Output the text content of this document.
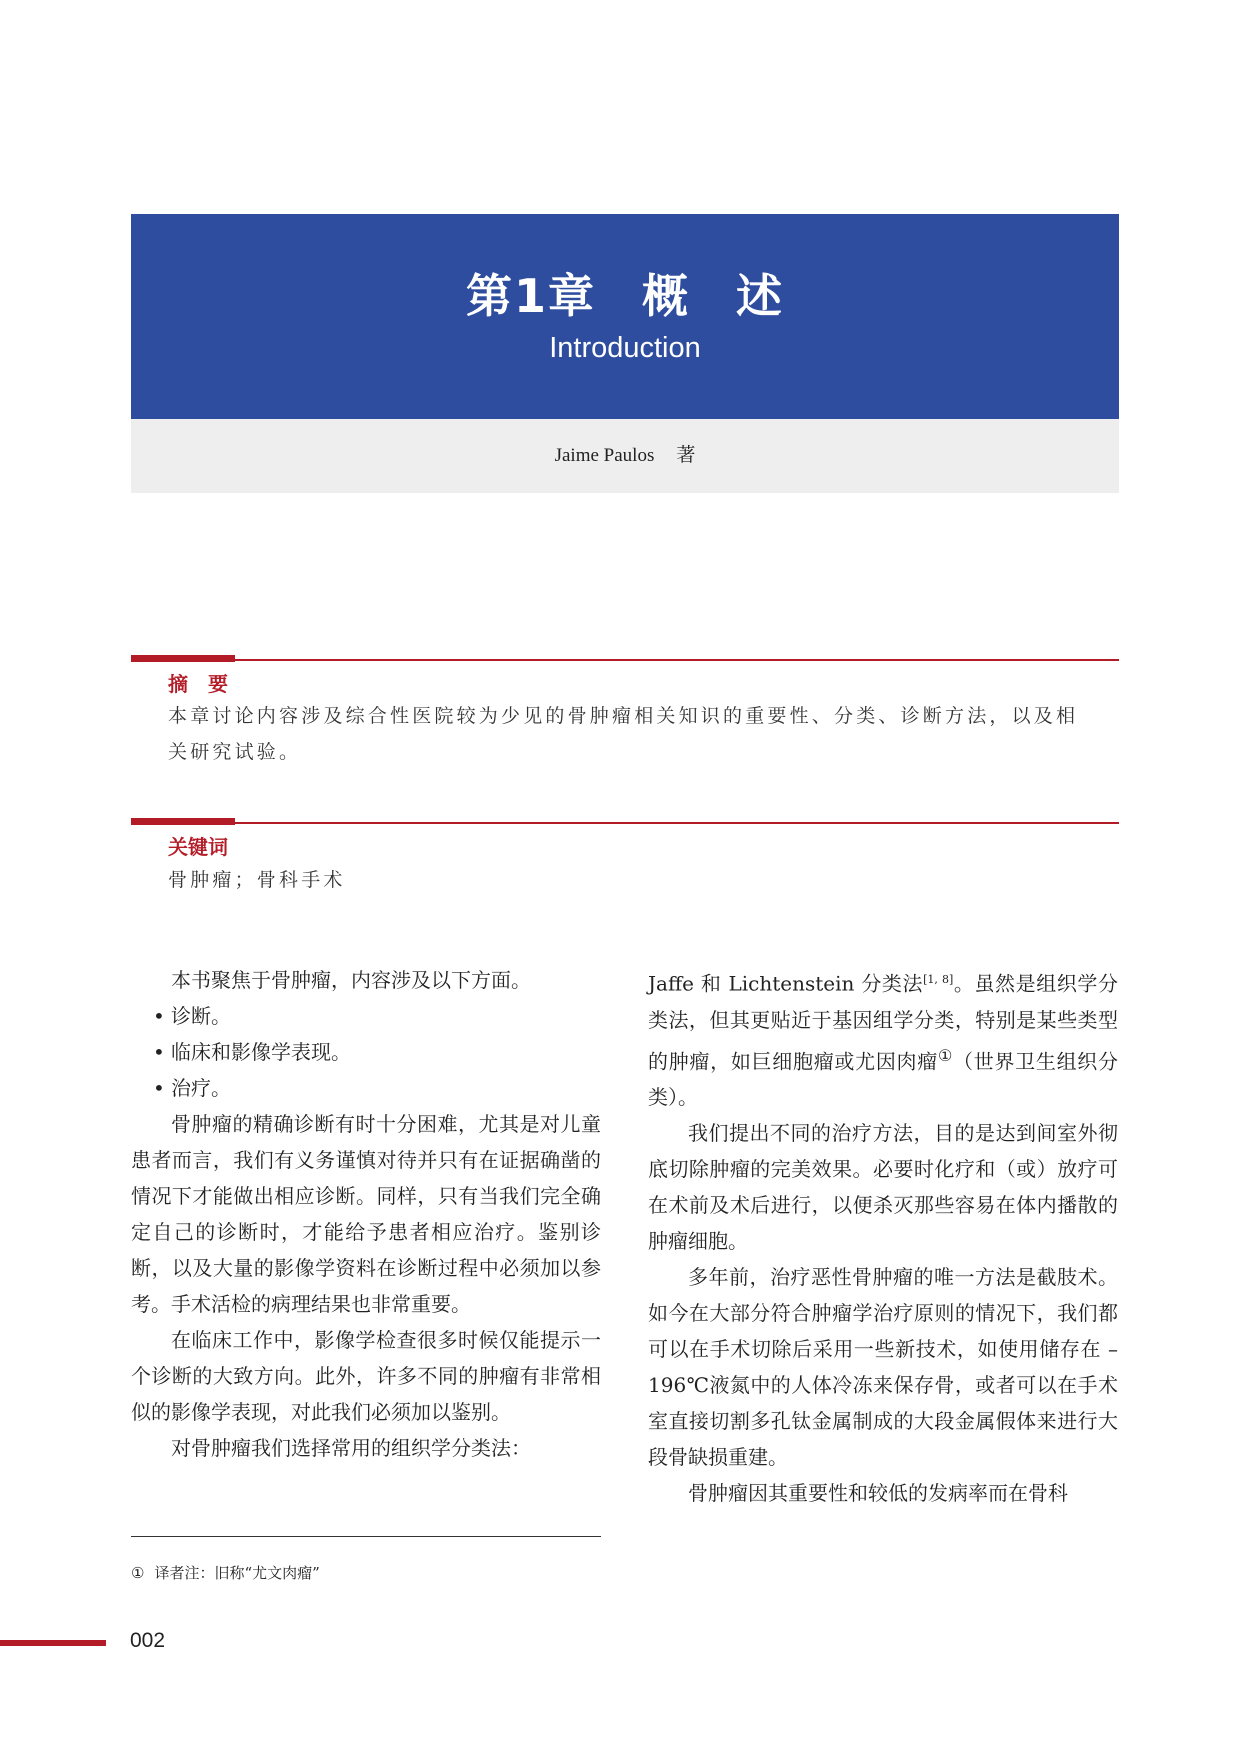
第1章 概 述
Introduction
Jaime Paulos 著
摘　要
本章讨论内容涉及综合性医院较为少见的骨肿瘤相关知识的重要性、分类、诊断方法，以及相关研究试验。
关键词
骨肿瘤；骨科手术

本书聚焦于骨肿瘤，内容涉及以下方面。

• 诊断。

• 临床和影像学表现。

• 治疗。

骨肿瘤的精确诊断有时十分困难，尤其是对儿童患者而言，我们有义务谨慎对待并只有在证据确凿的情况下才能做出相应诊断。同样，只有当我们完全确定自己的诊断时，才能给予患者相应治疗。鉴别诊断，以及大量的影像学资料在诊断过程中必须加以参考。手术活检的病理结果也非常重要。

在临床工作中，影像学检查很多时候仅能提示一个诊断的大致方向。此外，许多不同的肿瘤有非常相似的影像学表现，对此我们必须加以鉴别。

对骨肿瘤我们选择常用的组织学分类法：

Jaffe 和 Lichtenstein 分类法[1, 8]。虽然是组织学分类法，但其更贴近于基因组学分类，特别是某些类型的肿瘤，如巨细胞瘤或尤因肉瘤①（世界卫生组织分类）。

我们提出不同的治疗方法，目的是达到间室外彻底切除肿瘤的完美效果。必要时化疗和（或）放疗可在术前及术后进行，以便杀灭那些容易在体内播散的肿瘤细胞。

多年前，治疗恶性骨肿瘤的唯一方法是截肢术。如今在大部分符合肿瘤学治疗原则的情况下，我们都可以在手术切除后采用一些新技术，如使用储存在 –196℃液氮中的人体冷冻来保存骨，或者可以在手术室直接切割多孔钛金属制成的大段金属假体来进行大段骨缺损重建。

骨肿瘤因其重要性和较低的发病率而在骨科

① 译者注：旧称“尤文肉瘤”
002
